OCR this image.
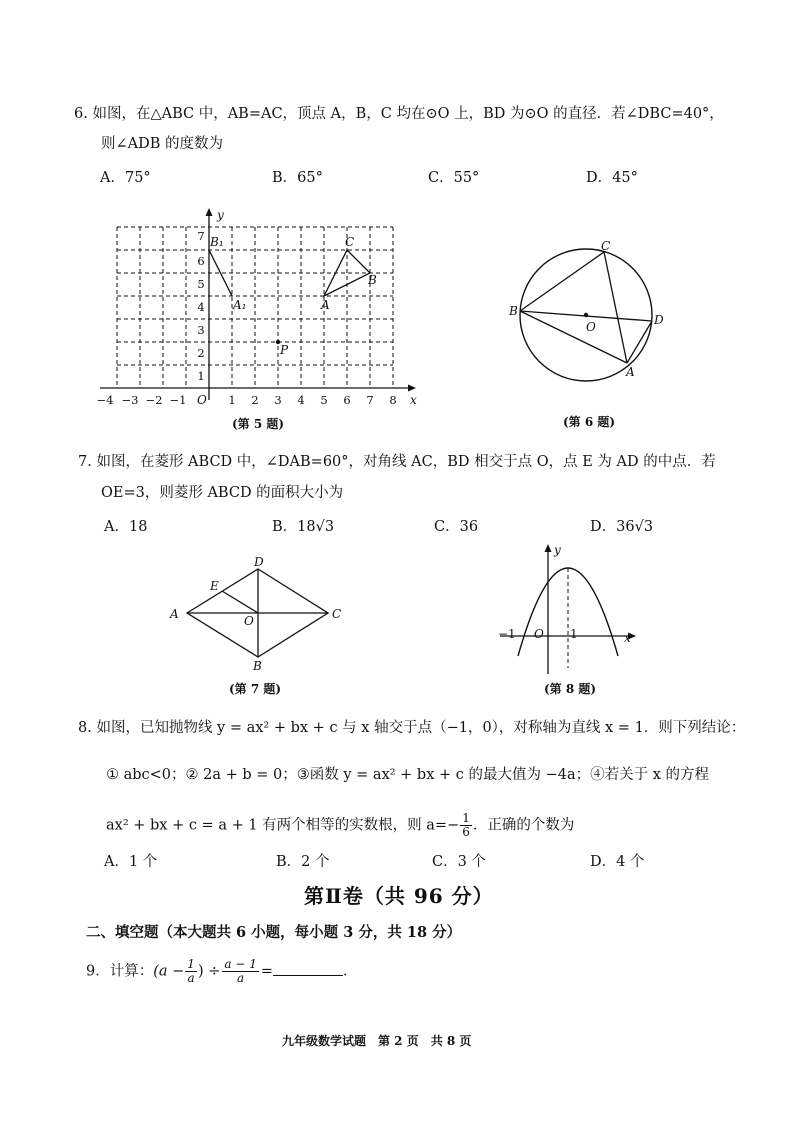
6. 如图，在△ABC 中，AB=AC，顶点 A，B，C 均在⊙O 上，BD 为⊙O 的直径．若∠DBC=40°，
则∠ADB 的度数为
A．75°	B．65°	C．55°	D．45°
y
x
O
−4 −3 −2 −1	1 2 3 4 5 6 7 8
1
2
3
4
5
6
7 B₁
A₁
C
B
A
P
(第 5 题)
C
B
O	D
A
(第 6 题)
7. 如图，在菱形 ABCD 中，∠DAB=60°，对角线 AC，BD 相交于点 O，点 E 为 AD 的中点．若
OE=3，则菱形 ABCD 的面积大小为
A．18	B．18√3	C．36	D．36√3
D
E
A	O	C
B
(第 7 题)
y
−1 O 1	x
(第 8 题)
8. 如图，已知抛物线 y = ax² + bx + c 与 x 轴交于点（−1，0），对称轴为直线 x = 1．则下列结论：
① abc<0；② 2a + b = 0；③函数 y = ax² + bx + c 的最大值为 −4a；④若关于 x 的方程
ax² + bx + c = a + 1 有两个相等的实数根，则 $a=- \frac{1}{6}$ ．正确的个数为
A．1 个	B．2 个	C．3 个	D．4 个
第Ⅱ卷（共 96 分）
二、填空题（本大题共 6 小题，每小题 3 分，共 18 分）
9．计算：($a - \frac{1}{a}$ ) ÷ $\frac{a - 1}{a}$ =	．
九年级数学试题　第 2 页　共 8 页
